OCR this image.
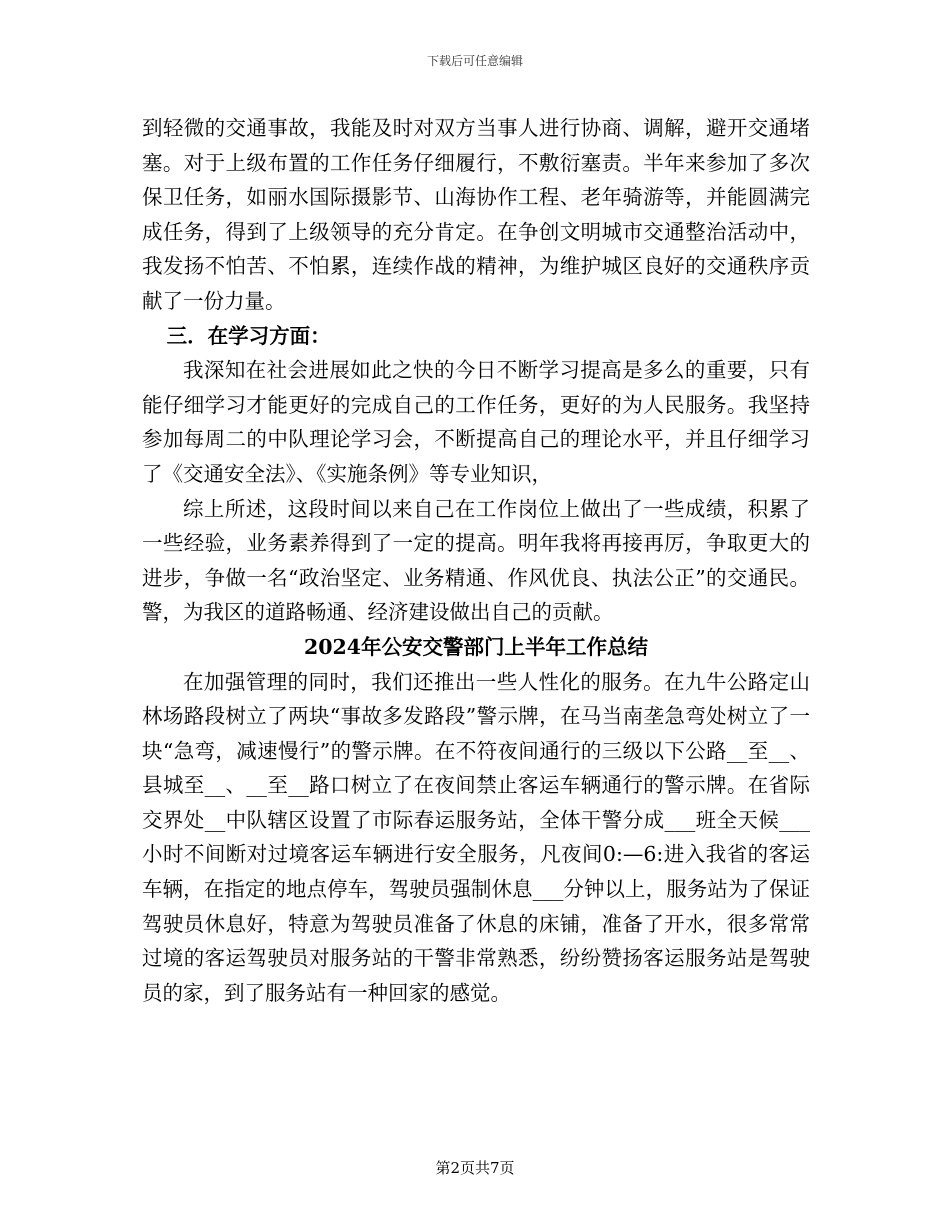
下载后可任意编辑

到轻微的交通事故，我能及时对双方当事人进行协商、调解，避开交通堵塞。对于上级布置的工作任务仔细履行，不敷衍塞责。半年来参加了多次保卫任务，如丽水国际摄影节、山海协作工程、老年骑游等，并能圆满完成任务，得到了上级领导的充分肯定。在争创文明城市交通整治活动中，我发扬不怕苦、不怕累，连续作战的精神，为维护城区良好的交通秩序贡献了一份力量。

三．在学习方面：

我深知在社会进展如此之快的今日不断学习提高是多么的重要，只有能仔细学习才能更好的完成自己的工作任务，更好的为人民服务。我坚持参加每周二的中队理论学习会，不断提高自己的理论水平，并且仔细学习了《交通安全法》、《实施条例》等专业知识，

综上所述，这段时间以来自己在工作岗位上做出了一些成绩，积累了一些经验，业务素养得到了一定的提高。明年我将再接再厉，争取更大的进步，争做一名“政治坚定、业务精通、作风优良、执法公正”的交通民。警，为我区的道路畅通、经济建设做出自己的贡献。

2024年公安交警部门上半年工作总结

在加强管理的同时，我们还推出一些人性化的服务。在九牛公路定山林场路段树立了两块“事故多发路段”警示牌，在马当南垄急弯处树立了一块“急弯，减速慢行”的警示牌。在不符夜间通行的三级以下公路__至__、县城至__、__至__路口树立了在夜间禁止客运车辆通行的警示牌。在省际交界处__中队辖区设置了市际春运服务站，全体干警分成___班全天候___小时不间断对过境客运车辆进行安全服务，凡夜间0:—6:进入我省的客运车辆，在指定的地点停车，驾驶员强制休息___分钟以上，服务站为了保证驾驶员休息好，特意为驾驶员准备了休息的床铺，准备了开水，很多常常过境的客运驾驶员对服务站的干警非常熟悉，纷纷赞扬客运服务站是驾驶员的家，到了服务站有一种回家的感觉。

第2页共7页
